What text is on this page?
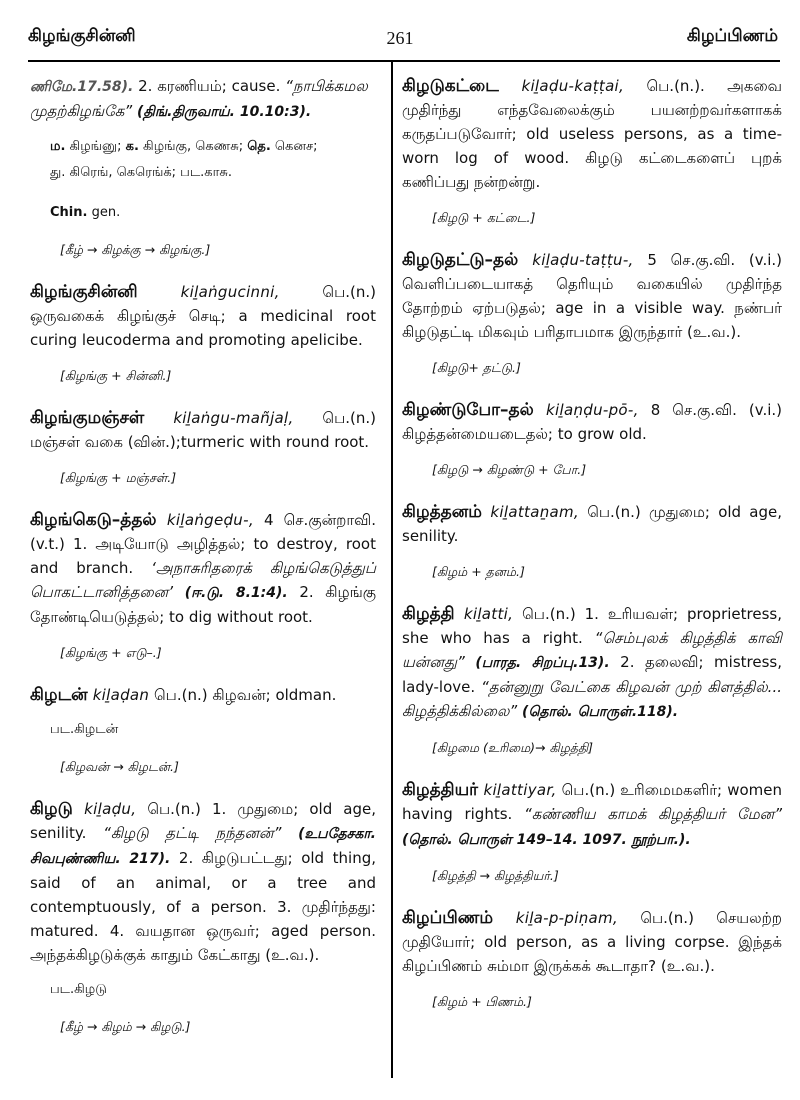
கிழங்குசின்னி	261	கிழப்பிணம்
ணிமே.17.58). 2. கரணியம்; cause. “நாபிக்கமல முதற்கிழங்கே” (திங்.திருவாய். 10.10:3).
ம. கிழங்னு; க. கிழங்கு, கெணசு; தெ. கெனச;
து. கிரெங், கெரெங்க்; பட.காசு.
Chin. gen.
[கீழ் → கிழக்கு → கிழங்கு.]
கிழங்குசின்னி kiḻaṅgucinni, பெ.(n.) ஒருவகைக் கிழங்குச் செடி; a medicinal root curing leucoderma and promoting apelicibe.
[கிழங்கு + சின்னி.]
கிழங்குமஞ்சள் kiḻaṅgu-mañjaḷ, பெ.(n.) மஞ்சள் வகை (வின்.);turmeric with round root.
[கிழங்கு + மஞ்சள்.]
கிழங்கெடு–த்தல் kiḻaṅgeḍu-, 4 செ.குன்றாவி. (v.t.) 1. அடியோடு அழித்தல்; to destroy, root and branch. ‘அநாசுரிதரைக் கிழங்கெடுத்துப் பொகட்டானித்தனை’ (ஈ.டு. 8.1:4). 2. கிழங்கு தோண்டியெடுத்தல்; to dig without root.
[கிழங்கு + எடு–.]
கிழடன் kiḻaḍan பெ.(n.) கிழவன்; oldman.
பட.கிழடன்
[கிழவன் → கிழடன்.]
கிழடு kiḻaḍu, பெ.(n.) 1. முதுமை; old age, senility. “கிழடு தட்டி நந்தனன்” (உபதேசகா. சிவபுண்ணிய. 217). 2. கிழடுபட்டது; old thing, said of an animal, or a tree and contemptuously, of a person. 3. முதிர்ந்தது: matured. 4. வயதான ஒருவர்; aged person. அந்தக்கிழடுக்குக் காதும் கேட்காது (உ.வ.).
பட.கிழடு
[கீழ் → கிழம் → கிழடு.]
கிழடுகட்டை kiḻaḍu-kaṭṭai, பெ.(n.). அகவை முதிர்ந்து எந்தவேலைக்கும் பயனற்றவர்களாகக் கருதப்படுவோர்; old useless persons, as a time-worn log of wood. கிழடு கட்டைகளைப் புறக் கணிப்பது நன்றன்று.
[கிழடு + கட்டை.]
கிழடுதட்டு–தல் kiḻaḍu-taṭṭu-, 5 செ.கு.வி. (v.i.) வெளிப்படையாகத் தெரியும் வகையில் முதிர்ந்த தோற்றம் ஏற்படுதல்; age in a visible way. நண்பர் கிழடுதட்டி மிகவும் பரிதாபமாக இருந்தார் (உ.வ.).
[கிழடு+ தட்டு.]
கிழண்டுபோ–தல் kiḻaṇḍu-pō-, 8 செ.கு.வி. (v.i.) கிழத்தன்மையடைதல்; to grow old.
[கிழடு → கிழண்டு + போ.]
கிழத்தனம் kiḻattaṉam, பெ.(n.) முதுமை; old age, senility.
[கிழம் + தனம்.]
கிழத்தி kiḻatti, பெ.(n.) 1. உரியவள்; proprietress, she who has a right. “செம்புலக் கிழத்திக் காவி யன்னது” (பாரத. சிறப்பு.13). 2. தலைவி; mistress, lady-love. “தன்னுறு வேட்கை கிழவன் முற் கிளத்தில்... கிழத்திக்கில்லை” (தொல். பொருள்.118).
[கிழமை (உரிமை)→ கிழத்தி]
கிழத்தியர் kiḻattiyar, பெ.(n.) உரிமைமகளிர்; women having rights. “கண்ணிய காமக் கிழத்தியர் மேன” (தொல். பொருள் 149–14. 1097. நூற்பா.).
[கிழத்தி → கிழத்தியர்.]
கிழப்பிணம் kiḻa-p-piṇam, பெ.(n.) செயலற்ற முதியோர்; old person, as a living corpse. இந்தக் கிழப்பிணம் சும்மா இருக்கக் கூடாதா? (உ.வ.).
[கிழம் + பிணம்.]
